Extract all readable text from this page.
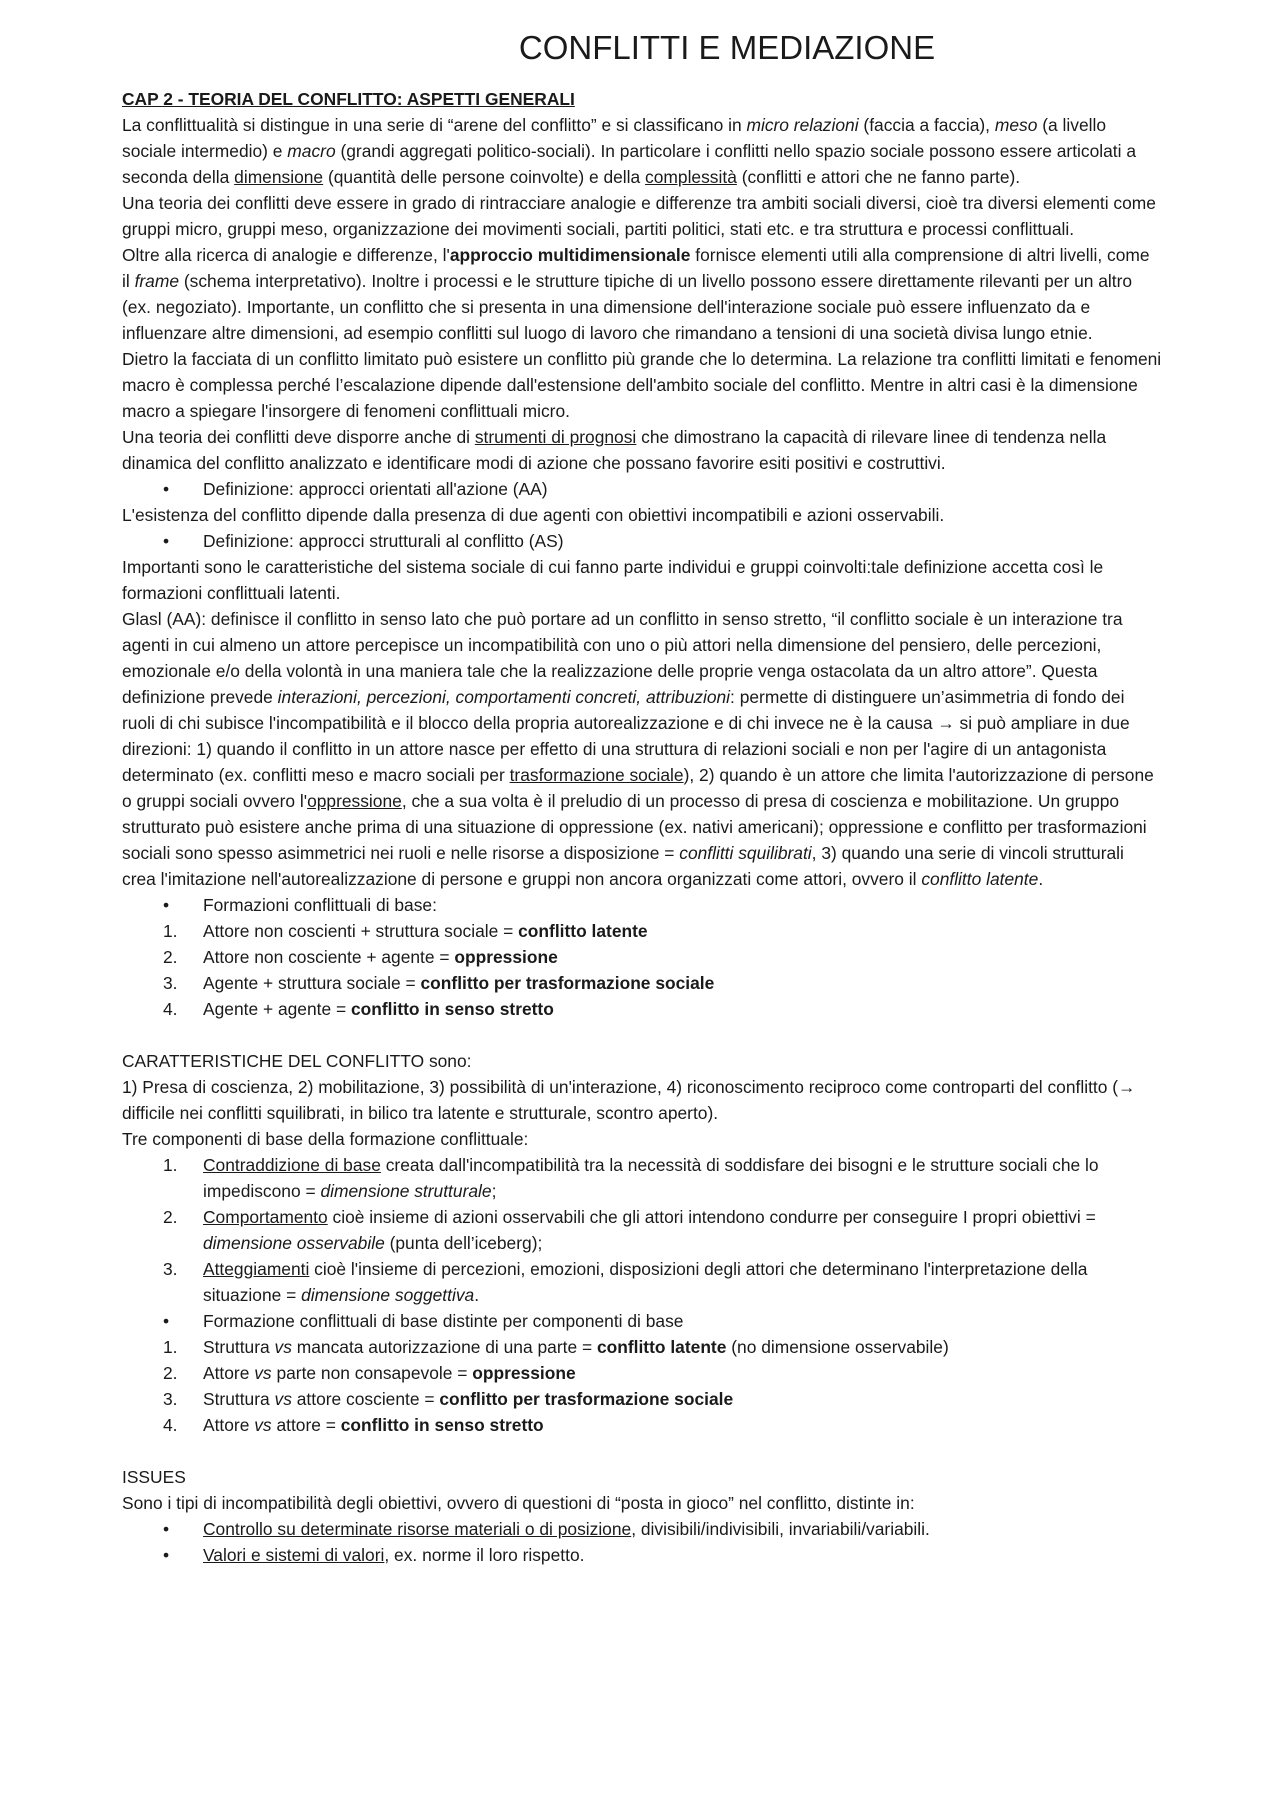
CONFLITTI E MEDIAZIONE

CAP 2 - TEORIA DEL CONFLITTO: ASPETTI GENERALI

La conflittualità si distingue in una serie di “arene del conflitto” e si classificano in micro relazioni (faccia a faccia), meso (a livello sociale intermedio) e macro (grandi aggregati politico-sociali). In particolare i conflitti nello spazio sociale possono essere articolati a seconda della dimensione (quantità delle persone coinvolte) e della complessità (conflitti e attori che ne fanno parte).

Una teoria dei conflitti deve essere in grado di rintracciare analogie e differenze tra ambiti sociali diversi, cioè tra diversi elementi come gruppi micro, gruppi meso, organizzazione dei movimenti sociali, partiti politici, stati etc. e tra struttura e processi conflittuali.

Oltre alla ricerca di analogie e differenze, l'approccio multidimensionale fornisce elementi utili alla comprensione di altri livelli, come il frame (schema interpretativo). Inoltre i processi e le strutture tipiche di un livello possono essere direttamente rilevanti per un altro (ex. negoziato). Importante, un conflitto che si presenta in una dimensione dell'interazione sociale può essere influenzato da e influenzare altre dimensioni, ad esempio conflitti sul luogo di lavoro che rimandano a tensioni di una società divisa lungo etnie.

Dietro la facciata di un conflitto limitato può esistere un conflitto più grande che lo determina. La relazione tra conflitti limitati e fenomeni macro è complessa perché l’escalazione dipende dall'estensione dell'ambito sociale del conflitto. Mentre in altri casi è la dimensione macro a spiegare l'insorgere di fenomeni conflittuali micro.

Una teoria dei conflitti deve disporre anche di strumenti di prognosi che dimostrano la capacità di rilevare linee di tendenza nella dinamica del conflitto analizzato e identificare modi di azione che possano favorire esiti positivi e costruttivi.

•	Definizione: approcci orientati all'azione (AA)

L'esistenza del conflitto dipende dalla presenza di due agenti con obiettivi incompatibili e azioni osservabili.

•	Definizione: approcci strutturali al conflitto (AS)

Importanti sono le caratteristiche del sistema sociale di cui fanno parte individui e gruppi coinvolti:tale definizione accetta così le formazioni conflittuali latenti.

Glasl (AA): definisce il conflitto in senso lato che può portare ad un conflitto in senso stretto, “il conflitto sociale è un interazione tra agenti in cui almeno un attore percepisce un incompatibilità con uno o più attori nella dimensione del pensiero, delle percezioni, emozionale e/o della volontà in una maniera tale che la realizzazione delle proprie venga ostacolata da un altro attore”. Questa definizione prevede interazioni, percezioni, comportamenti concreti, attribuzioni: permette di distinguere un’asimmetria di fondo dei ruoli di chi subisce l'incompatibilità e il blocco della propria autorealizzazione e di chi invece ne è la causa → si può ampliare in due direzioni: 1) quando il conflitto in un attore nasce per effetto di una struttura di relazioni sociali e non per l'agire di un antagonista determinato (ex. conflitti meso e macro sociali per trasformazione sociale), 2) quando è un attore che limita l'autorizzazione di persone o gruppi sociali ovvero l'oppressione, che a sua volta è il preludio di un processo di presa di coscienza e mobilitazione. Un gruppo strutturato può esistere anche prima di una situazione di oppressione (ex. nativi americani); oppressione e conflitto per trasformazioni sociali sono spesso asimmetrici nei ruoli e nelle risorse a disposizione = conflitti squilibrati, 3) quando una serie di vincoli strutturali crea l'imitazione nell'autorealizzazione di persone e gruppi non ancora organizzati come attori, ovvero il conflitto latente.

•	Formazioni conflittuali di base:
1.	Attore non coscienti + struttura sociale = conflitto latente
2.	Attore non cosciente + agente = oppressione
3.	Agente + struttura sociale = conflitto per trasformazione sociale
4.	Agente + agente = conflitto in senso stretto

CARATTERISTICHE DEL CONFLITTO sono:

1) Presa di coscienza, 2) mobilitazione, 3) possibilità di un'interazione, 4) riconoscimento reciproco come controparti del conflitto (→ difficile nei conflitti squilibrati, in bilico tra latente e strutturale, scontro aperto).

Tre componenti di base della formazione conflittuale:

1.	Contraddizione di base creata dall'incompatibilità tra la necessità di soddisfare dei bisogni e le strutture sociali che lo impediscono = dimensione strutturale;
2.	Comportamento cioè insieme di azioni osservabili che gli attori intendono condurre per conseguire I propri obiettivi = dimensione osservabile (punta dell’iceberg);
3.	Atteggiamenti cioè l'insieme di percezioni, emozioni, disposizioni degli attori che determinano l'interpretazione della situazione = dimensione soggettiva.
•	Formazione conflittuali di base distinte per componenti di base
1.	Struttura vs mancata autorizzazione di una parte = conflitto latente (no dimensione osservabile)
2.	Attore vs parte non consapevole = oppressione
3.	Struttura vs attore cosciente = conflitto per trasformazione sociale
4.	Attore vs attore = conflitto in senso stretto

ISSUES

Sono i tipi di incompatibilità degli obiettivi, ovvero di questioni di “posta in gioco” nel conflitto, distinte in:

•	Controllo su determinate risorse materiali o di posizione, divisibili/indivisibili, invariabili/variabili.
•	Valori e sistemi di valori, ex. norme il loro rispetto.
